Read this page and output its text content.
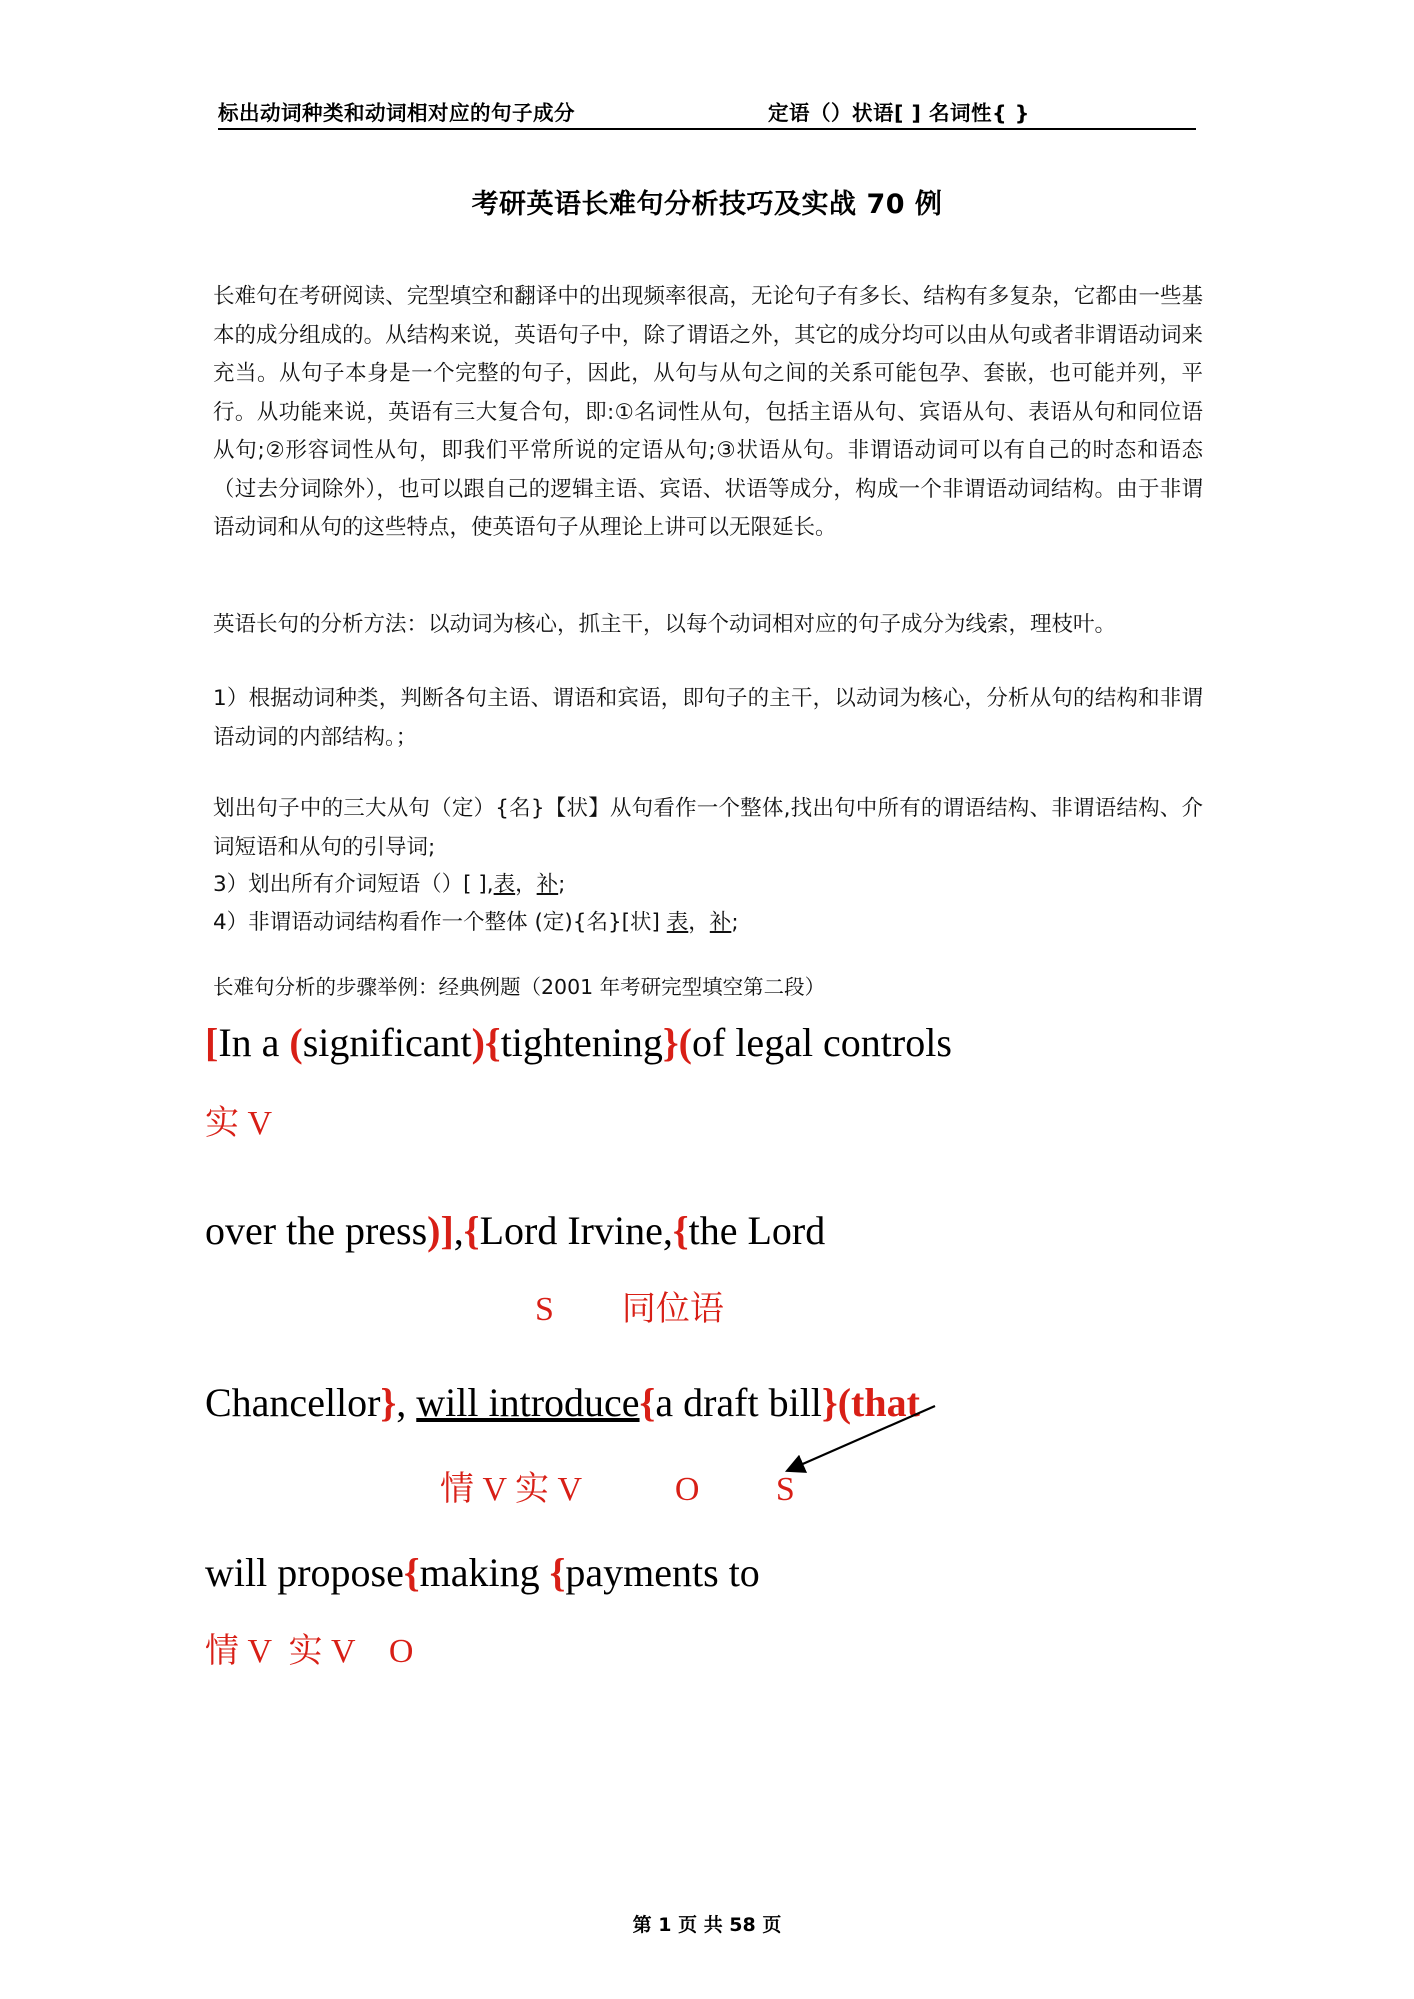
标出动词种类和动词相对应的句子成分	定语（）状语[ ] 名词性{ }
考研英语长难句分析技巧及实战 70 例
长难句在考研阅读、完型填空和翻译中的出现频率很高，无论句子有多长、结构有多复杂，它都由一些基本的成分组成的。从结构来说，英语句子中，除了谓语之外，其它的成分均可以由从句或者非谓语动词来充当。从句子本身是一个完整的句子，因此，从句与从句之间的关系可能包孕、套嵌，也可能并列，平行。从功能来说，英语有三大复合句，即:①名词性从句，包括主语从句、宾语从句、表语从句和同位语从句;②形容词性从句，即我们平常所说的定语从句;③状语从句。非谓语动词可以有自己的时态和语态（过去分词除外），也可以跟自己的逻辑主语、宾语、状语等成分，构成一个非谓语动词结构。由于非谓语动词和从句的这些特点，使英语句子从理论上讲可以无限延长。
英语长句的分析方法：以动词为核心，抓主干，以每个动词相对应的句子成分为线索，理枝叶。
1）根据动词种类，判断各句主语、谓语和宾语，即句子的主干，以动词为核心，分析从句的结构和非谓语动词的内部结构。；
划出句子中的三大从句（定）{名}【状】从句看作一个整体,找出句中所有的谓语结构、非谓语结构、介词短语和从句的引导词;
3）划出所有介词短语（）[ ],表，补;
4）非谓语动词结构看作一个整体 (定){名}[状] 表，补;
长难句分析的步骤举例：经典例题（2001 年考研完型填空第二段）
[In a (significant){tightening}(of legal controls
实 V
over the press)],{Lord Irvine,{the Lord
S        同位语
Chancellor}, will introduce{a draft bill}(that
情 V 实 V           O         S
will propose{making {payments to
情 V  实 V    O
第 1 页 共 58 页
